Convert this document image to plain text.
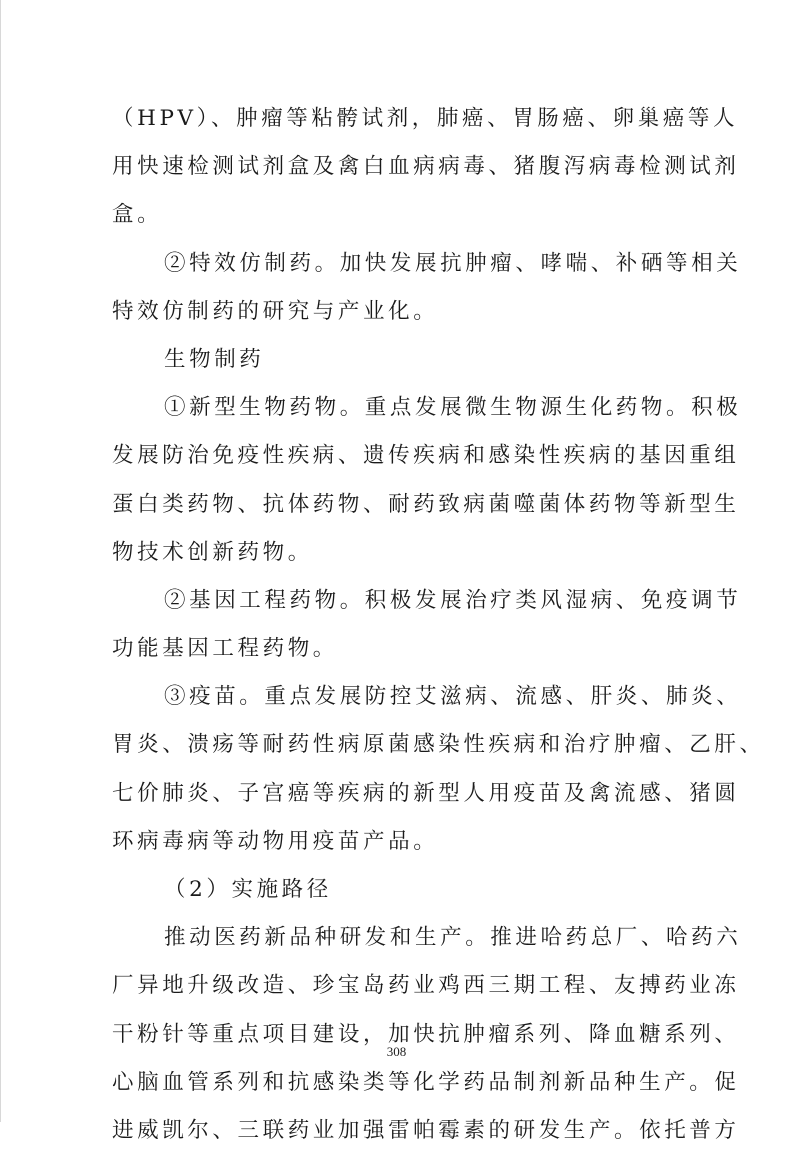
（HPV）、肿瘤等粘骻试剂，肺癌、胃肠癌、卵巢癌等人
用快速检测试剂盒及禽白血病病毒、猪腹泻病毒检测试剂
盒。
②特效仿制药。加快发展抗肿瘤、哮喘、补硒等相关
特效仿制药的研究与产业化。
生物制药
①新型生物药物。重点发展微生物源生化药物。积极
发展防治免疫性疾病、遗传疾病和感染性疾病的基因重组
蛋白类药物、抗体药物、耐药致病菌噬菌体药物等新型生
物技术创新药物。
②基因工程药物。积极发展治疗类风湿病、免疫调节
功能基因工程药物。
③疫苗。重点发展防控艾滋病、流感、肝炎、肺炎、
胃炎、溃疡等耐药性病原菌感染性疾病和治疗肿瘤、乙肝、
七价肺炎、子宫癌等疾病的新型人用疫苗及禽流感、猪圆
环病毒病等动物用疫苗产品。
（2）实施路径
推动医药新品种研发和生产。推进哈药总厂、哈药六
厂异地升级改造、珍宝岛药业鸡西三期工程、友搏药业冻
干粉针等重点项目建设，加快抗肿瘤系列、降血糖系列、
心脑血管系列和抗感染类等化学药品制剂新品种生产。促
进威凯尔、三联药业加强雷帕霉素的研发生产。依托普方
308
